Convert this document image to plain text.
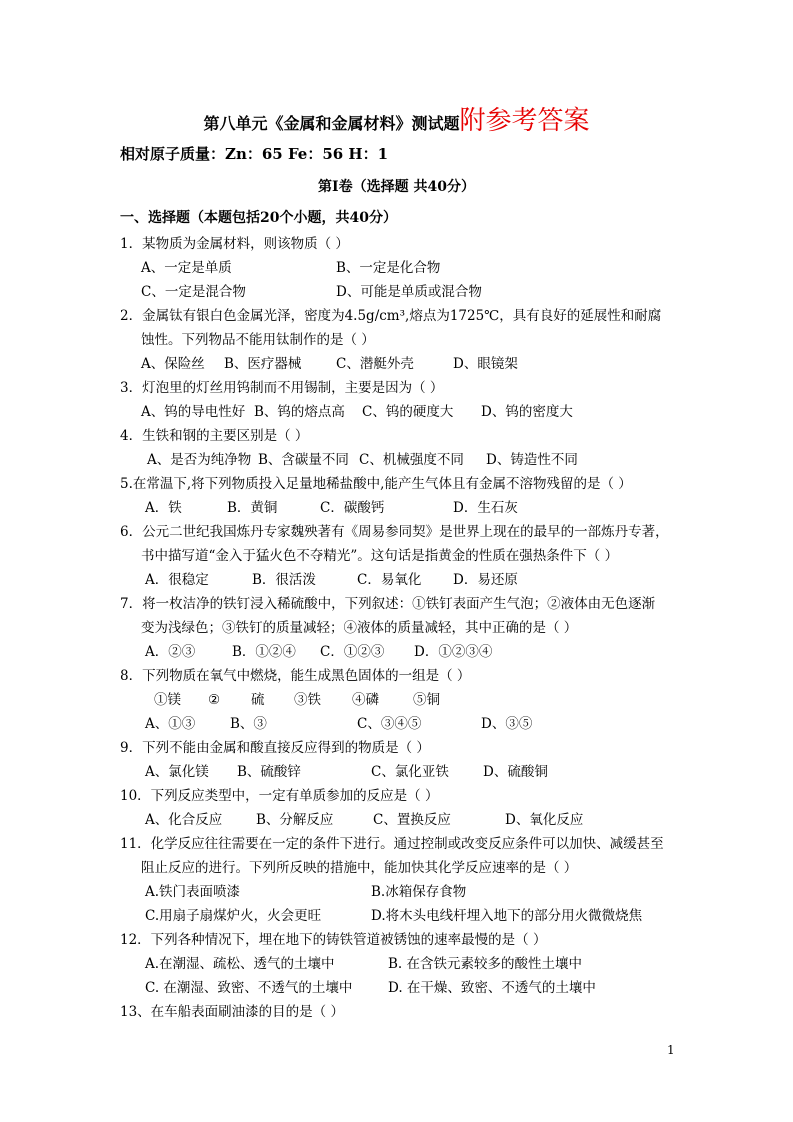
第八单元《金属和金属材料》测试题附参考答案
相对原子质量：Zn：65 Fe：56 H：1
第Ⅰ卷（选择题 共40分）
一、选择题（本题包括20个小题，共40分）

1．某物质为金属材料，则该物质（ ）

A、一定是单质	B、一定是化合物
C、一定是混合物	D、可能是单质或混合物

2．金属钛有银白色金属光泽，密度为4.5g/cm³,熔点为1725℃，具有良好的延展性和耐腐

蚀性。下列物品不能用钛制作的是（ ）

A、保险丝 B、医疗器械	C、潜艇外壳	D、眼镜架

3．灯泡里的灯丝用钨制而不用锡制，主要是因为（ ）

A、钨的导电性好 B、钨的熔点高 C、钨的硬度大 D、钨的密度大

4．生铁和钢的主要区别是（ ）

A、是否为纯净物 B、含碳量不同 C、机械强度不同 D、铸造性不同

5.在常温下,将下列物质投入足量地稀盐酸中,能产生气体且有金属不溶物残留的是（ ）

A．铁	B．黄铜	C．碳酸钙	D．生石灰

6．公元二世纪我国炼丹专家魏殃著有《周易参同契》是世界上现在的最早的一部炼丹专著，

书中描写道“金入于猛火色不夺精光”。这句话是指黄金的性质在强热条件下（ ）

A．很稳定	B．很活泼	C．易氧化 D．易还原

7．将一枚洁净的铁钉浸入稀硫酸中，下列叙述：①铁钉表面产生气泡；②液体由无色逐渐

变为浅绿色；③铁钉的质量减轻；④液体的质量减轻，其中正确的是（ ）

A．②③	B．①②④ C．①②③ D．①②③④

8．下列物质在氧气中燃烧，能生成黑色固体的一组是（ ）

①镁 ② 硫 ③铁 ④磷	⑤铜
A、①③	B、③	C、③④⑤	D、③⑤

9．下列不能由金属和酸直接反应得到的物质是（ ）

A、氯化镁 B、硫酸锌	C、氯化亚铁	D、硫酸铜

10．下列反应类型中，一定有单质参加的反应是（ ）

A、化合反应	B、分解反应	C、置换反应	D、氧化反应

11．化学反应往往需要在一定的条件下进行。通过控制或改变反应条件可以加快、减缓甚至

阻止反应的进行。下列所反映的措施中，能加快其化学反应速率的是（ ）

A.铁门表面喷漆	B.冰箱保存食物
C.用扇子扇煤炉火，火会更旺	D.将木头电线杆埋入地下的部分用火微微烧焦

12．下列各种情况下，埋在地下的铸铁管道被锈蚀的速率最慢的是（ ）

A.在潮湿、疏松、透气的土壤中	B. 在含铁元素较多的酸性土壤中
C. 在潮湿、致密、不透气的土壤中	D. 在干燥、致密、不透气的土壤中

13、在车船表面刷油漆的目的是（ ）

1
